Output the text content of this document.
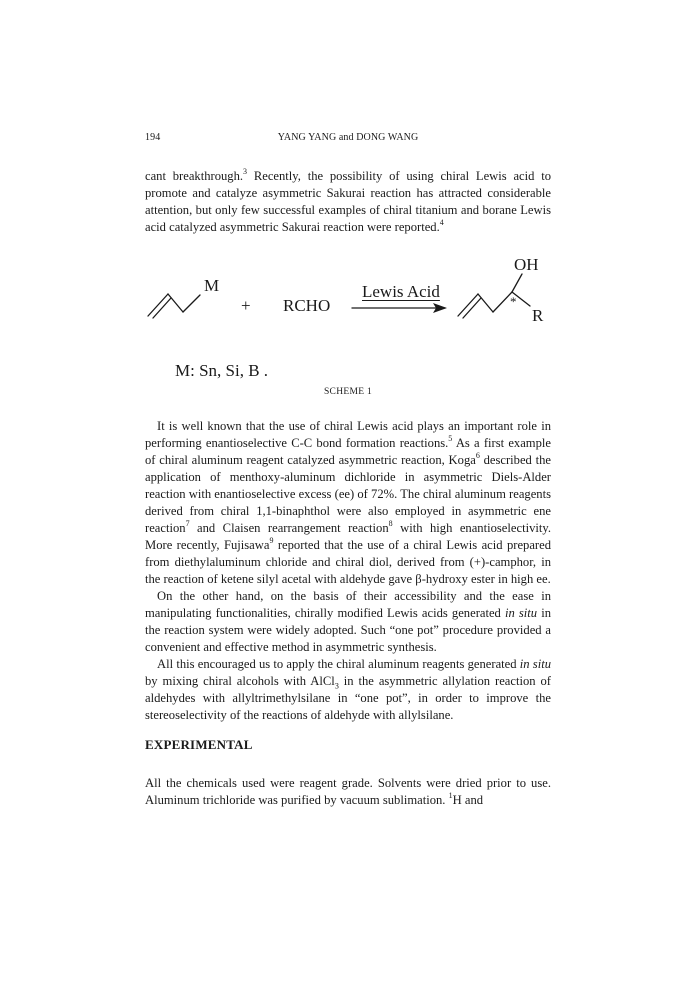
194	YANG YANG and DONG WANG

cant breakthrough.$^3$ Recently, the possibility of using chiral Lewis acid to promote and catalyze asymmetric Sakurai reaction has attracted considerable attention, but only few successful examples of chiral titanium and borane Lewis acid catalyzed asymmetric Sakurai reaction were reported.$^4$

M
+ RCHO
Lewis Acid
OH
*
R
M: Sn, Si, B .
SCHEME 1

It is well known that the use of chiral Lewis acid plays an important role in performing enantioselective C-C bond formation reactions.$^5$ As a first example of chiral aluminum reagent catalyzed asymmetric reaction, Koga$^6$ described the application of menthoxy-aluminum dichloride in asymmetric Diels-Alder reaction with enantioselective excess (ee) of 72%. The chiral aluminum reagents derived from chiral 1,1-binaphthol were also employed in asymmetric ene reaction$^7$ and Claisen rearrangement reaction$^8$ with high enantioselectivity. More recently, Fujisawa$^9$ reported that the use of a chiral Lewis acid prepared from diethylaluminum chloride and chiral diol, derived from (+)-camphor, in the reaction of ketene silyl acetal with aldehyde gave β-hydroxy ester in high ee.

On the other hand, on the basis of their accessibility and the ease in manipulating functionalities, chirally modified Lewis acids generated in situ in the reaction system were widely adopted. Such “one pot” procedure provided a convenient and effective method in asymmetric synthesis.

All this encouraged us to apply the chiral aluminum reagents generated in situ by mixing chiral alcohols with AlCl$_3$ in the asymmetric allylation reaction of aldehydes with allyltrimethylsilane in “one pot”, in order to improve the stereoselectivity of the reactions of aldehyde with allylsilane.

EXPERIMENTAL

All the chemicals used were reagent grade. Solvents were dried prior to use. Aluminum trichloride was purified by vacuum sublimation. $^1$H and
